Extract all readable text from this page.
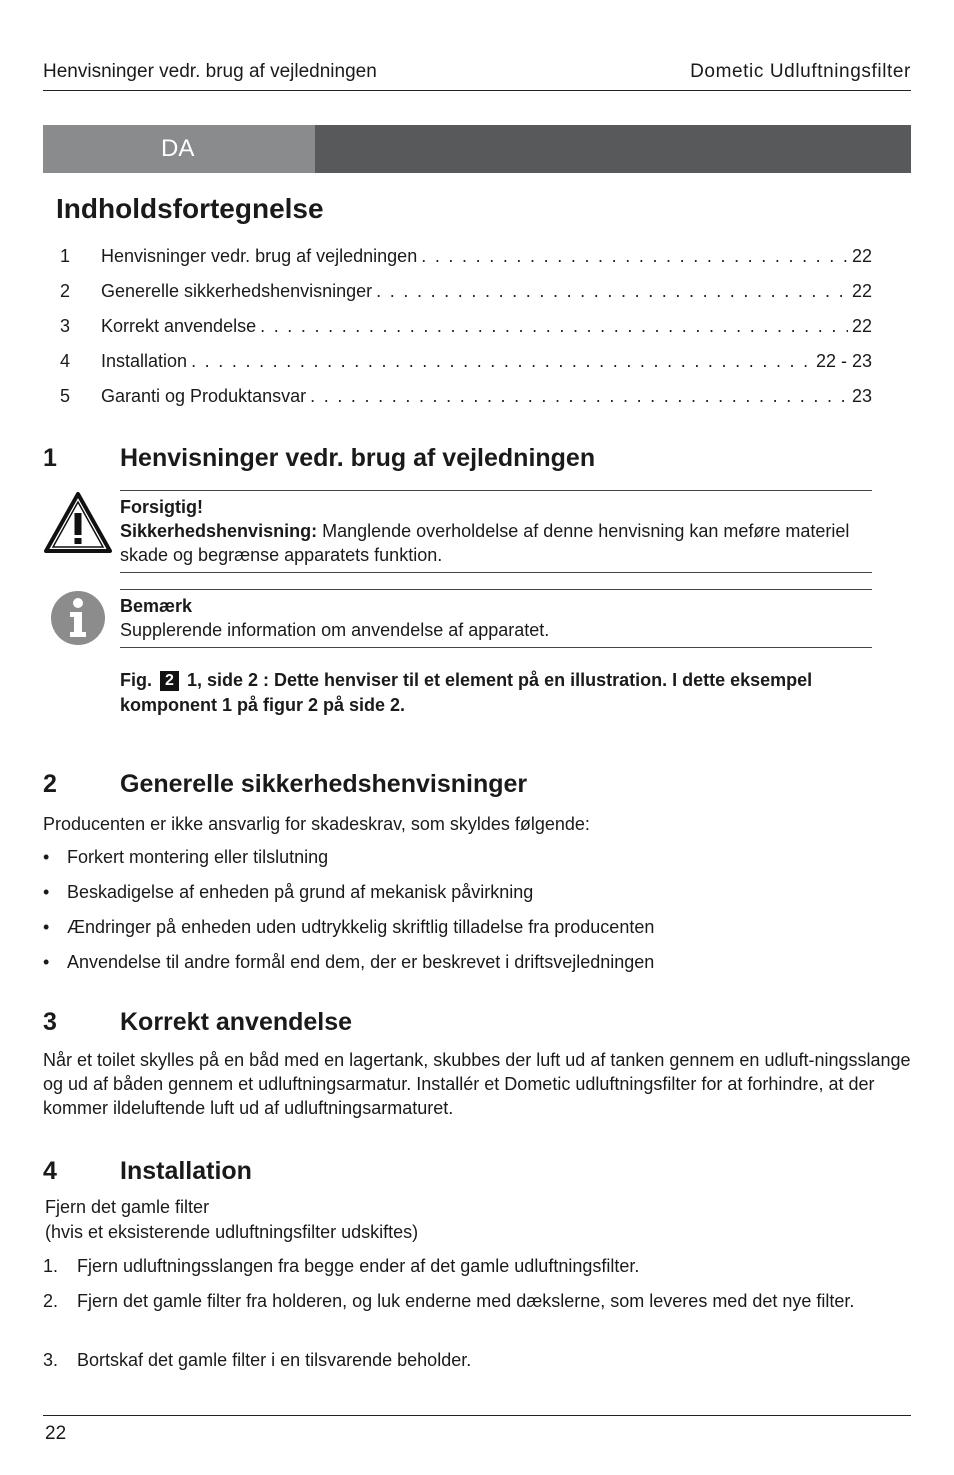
Henvisninger vedr. brug af vejledningen	Dometic Udluftningsfilter
DA
Indholdsfortegnelse
1	Henvisninger vedr. brug af vejledningen . . .	22
2	Generelle sikkerhedshenvisninger . . .	22
3	Korrekt anvendelse . . .	22
4	Installation . . .	22 - 23
5	Garanti og Produktansvar . . .	23
1	Henvisninger vedr. brug af vejledningen
Forsigtig!
Sikkerhedshenvisning: Manglende overholdelse af denne henvisning kan meføre materiel skade og begrænse apparatets funktion.
Bemærk
Supplerende information om anvendelse af apparatet.
Fig. 2 1, side 2 : Dette henviser til et element på en illustration. I dette eksempel komponent 1 på figur 2 på side 2.
2	Generelle sikkerhedshenvisninger
Producenten er ikke ansvarlig for skadeskrav, som skyldes følgende:
• Forkert montering eller tilslutning
• Beskadigelse af enheden på grund af mekanisk påvirkning
• Ændringer på enheden uden udtrykkelig skriftlig tilladelse fra producenten
• Anvendelse til andre formål end dem, der er beskrevet i driftsvejledningen
3	Korrekt anvendelse
Når et toilet skylles på en båd med en lagertank, skubbes der luft ud af tanken gennem en udluft-ningsslange og ud af båden gennem et udluftningsarmatur. Installér et Dometic udluftningsfilter for at forhindre, at der kommer ildeluftende luft ud af udluftningsarmaturet.
4	Installation
Fjern det gamle filter
(hvis et eksisterende udluftningsfilter udskiftes)
1.	Fjern udluftningsslangen fra begge ender af det gamle udluftningsfilter.
2.	Fjern det gamle filter fra holderen, og luk enderne med dækslerne, som leveres med det nye filter.
3.	Bortskaf det gamle filter i en tilsvarende beholder.
22
